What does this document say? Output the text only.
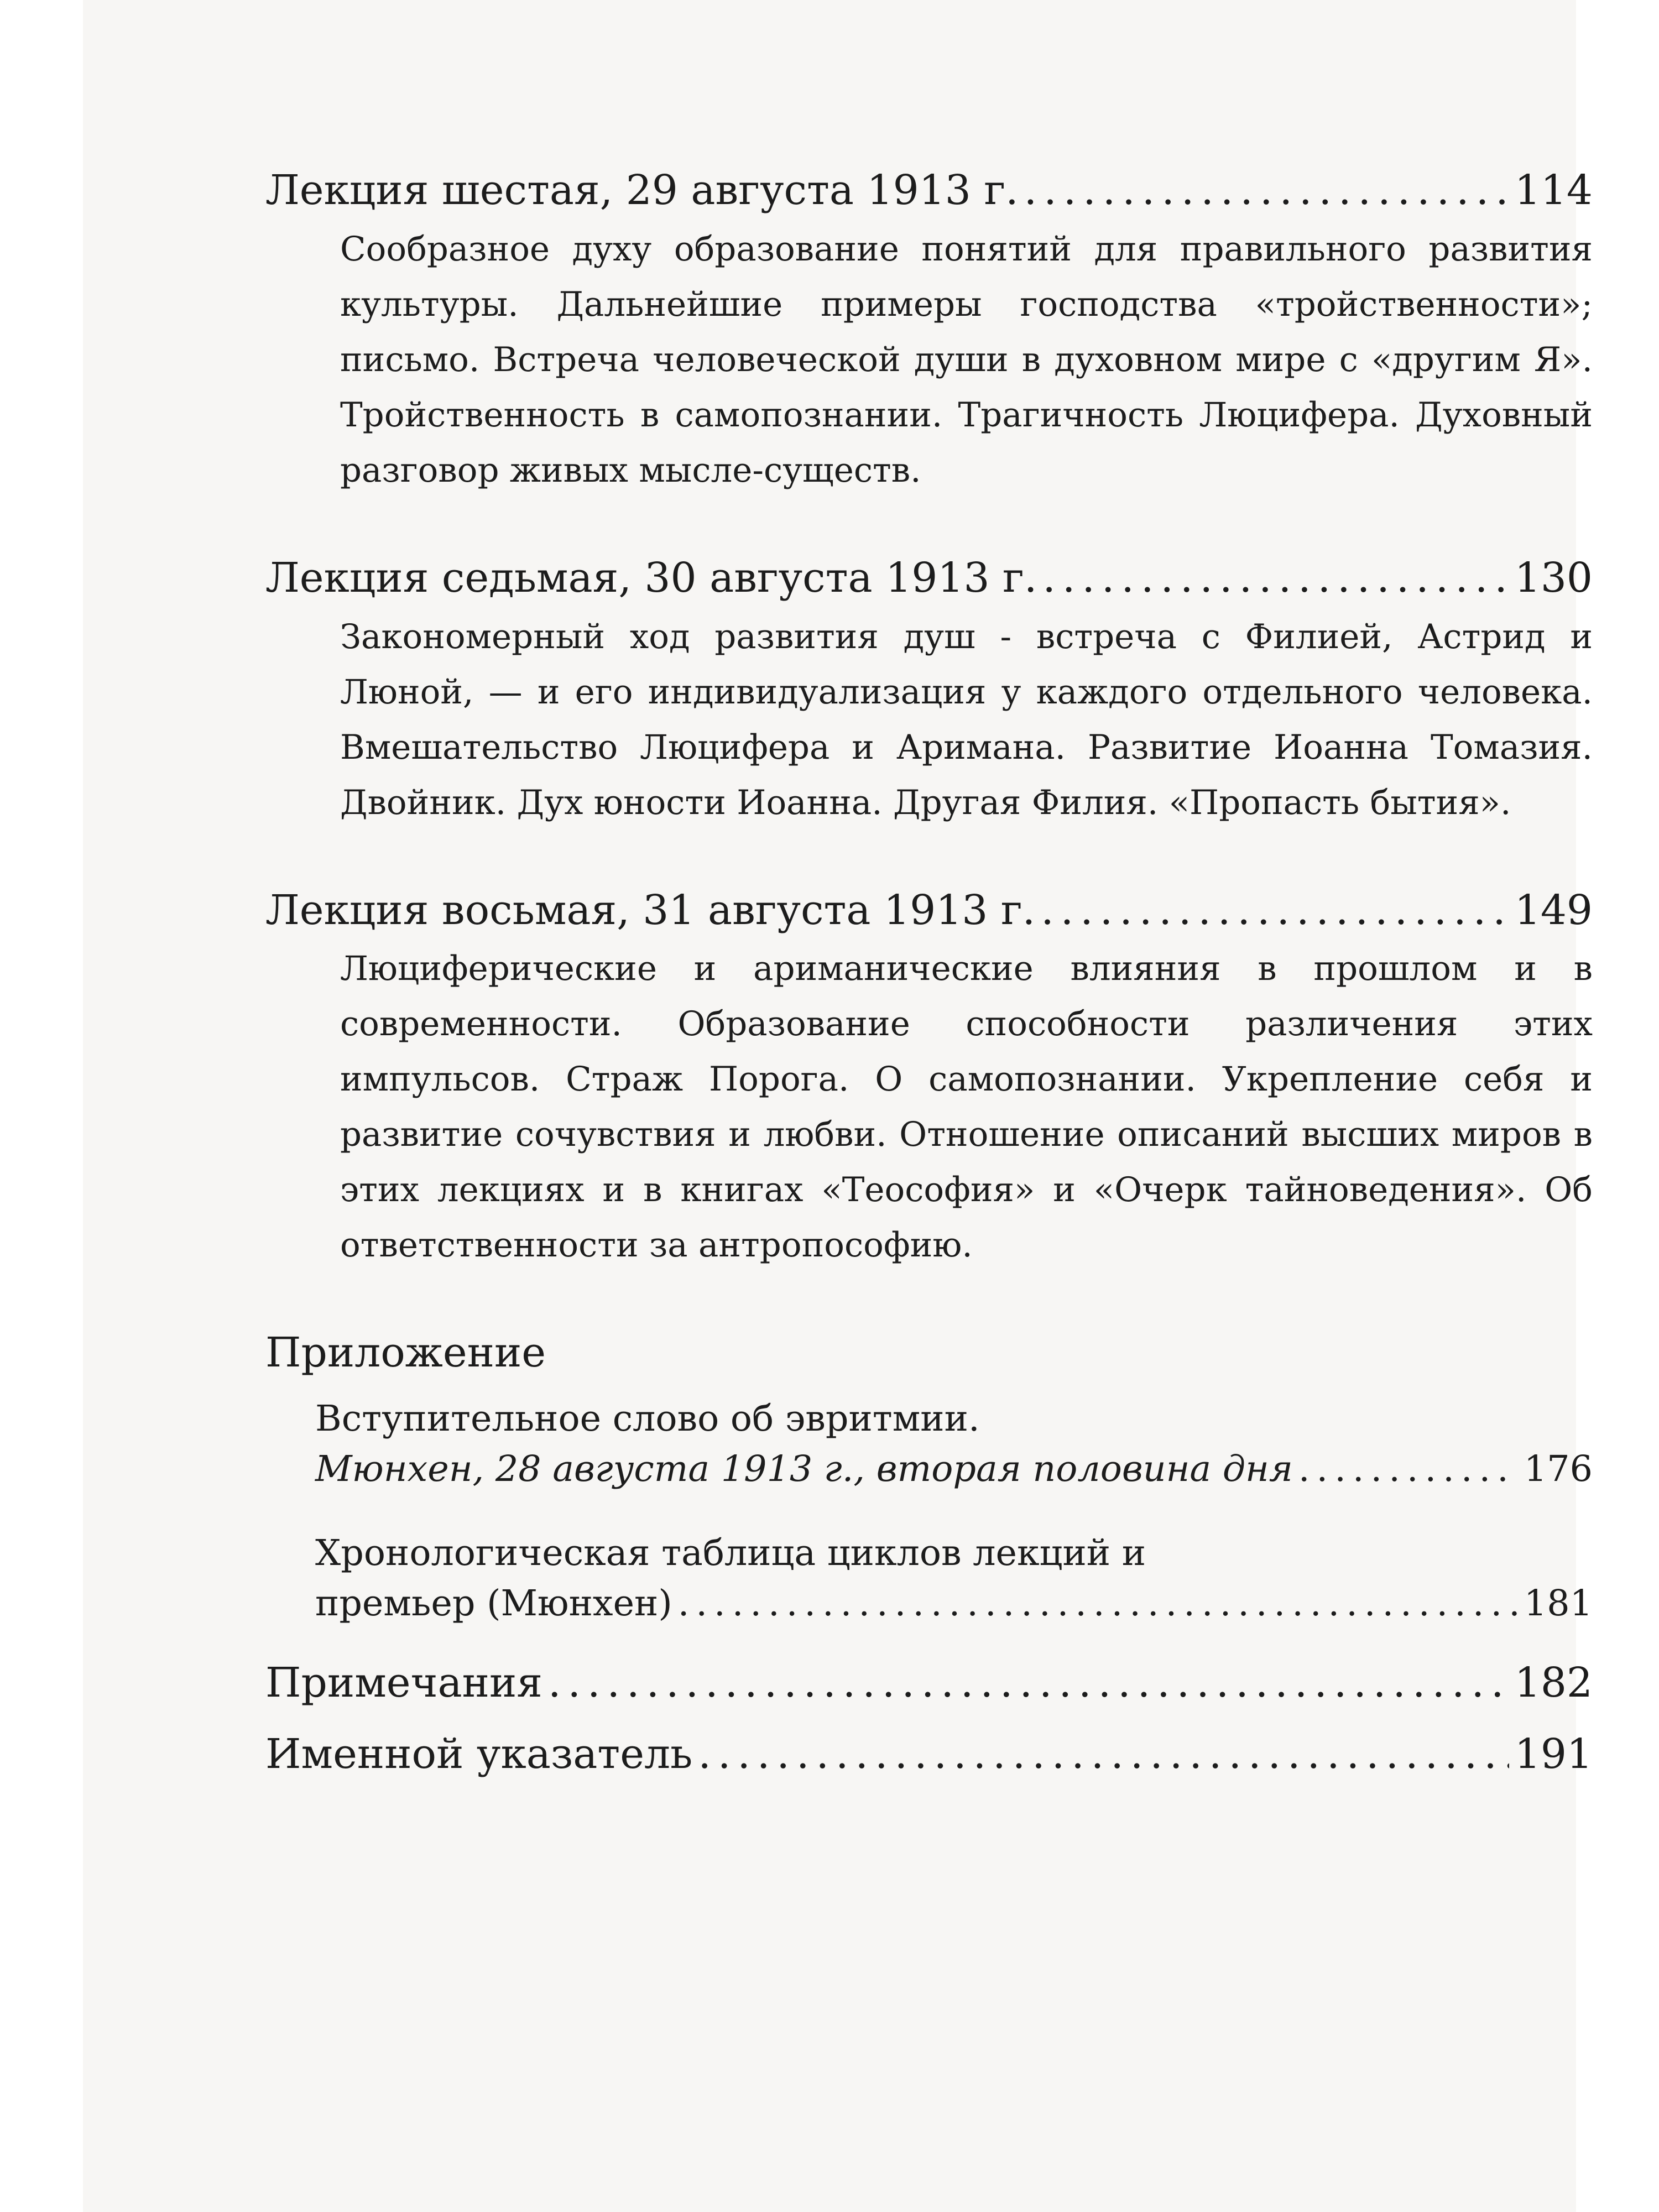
Лекция шестая, 29 августа 1913 г. .....	114
Сообразное духу образование понятий для правильного развития культуры. Дальнейшие примеры господства «тройственности»; письмо. Встреча человеческой души в духовном мире с «другим Я». Тройственность в самопознании. Трагичность Люцифера. Духовный разговор живых мысле-существ.
Лекция седьмая, 30 августа 1913 г. .....	130
Закономерный ход развития душ - встреча с Филией, Астрид и Люной, — и его индивидуализация у каждого отдельного человека. Вмешательство Люцифера и Аримана. Развитие Иоанна Томазия. Двойник. Дух юности Иоанна. Другая Филия. «Пропасть бытия».
Лекция восьмая, 31 августа 1913 г. .....	149
Люциферические и ариманические влияния в прошлом и в современности. Образование способности различения этих импульсов. Страж Порога. О самопознании. Укрепление себя и развитие сочувствия и любви. Отношение описаний высших миров в этих лекциях и в книгах «Теософия» и «Очерк тайноведения». Об ответственности за антропософию.
Приложение
Вступительное слово об эвритмии.
Мюнхен, 28 августа 1913 г., вторая половина дня .....	176
Хронологическая таблица циклов лекций и
премьер (Мюнхен) .....	181
Примечания .....	182
Именной указатель .....	191
